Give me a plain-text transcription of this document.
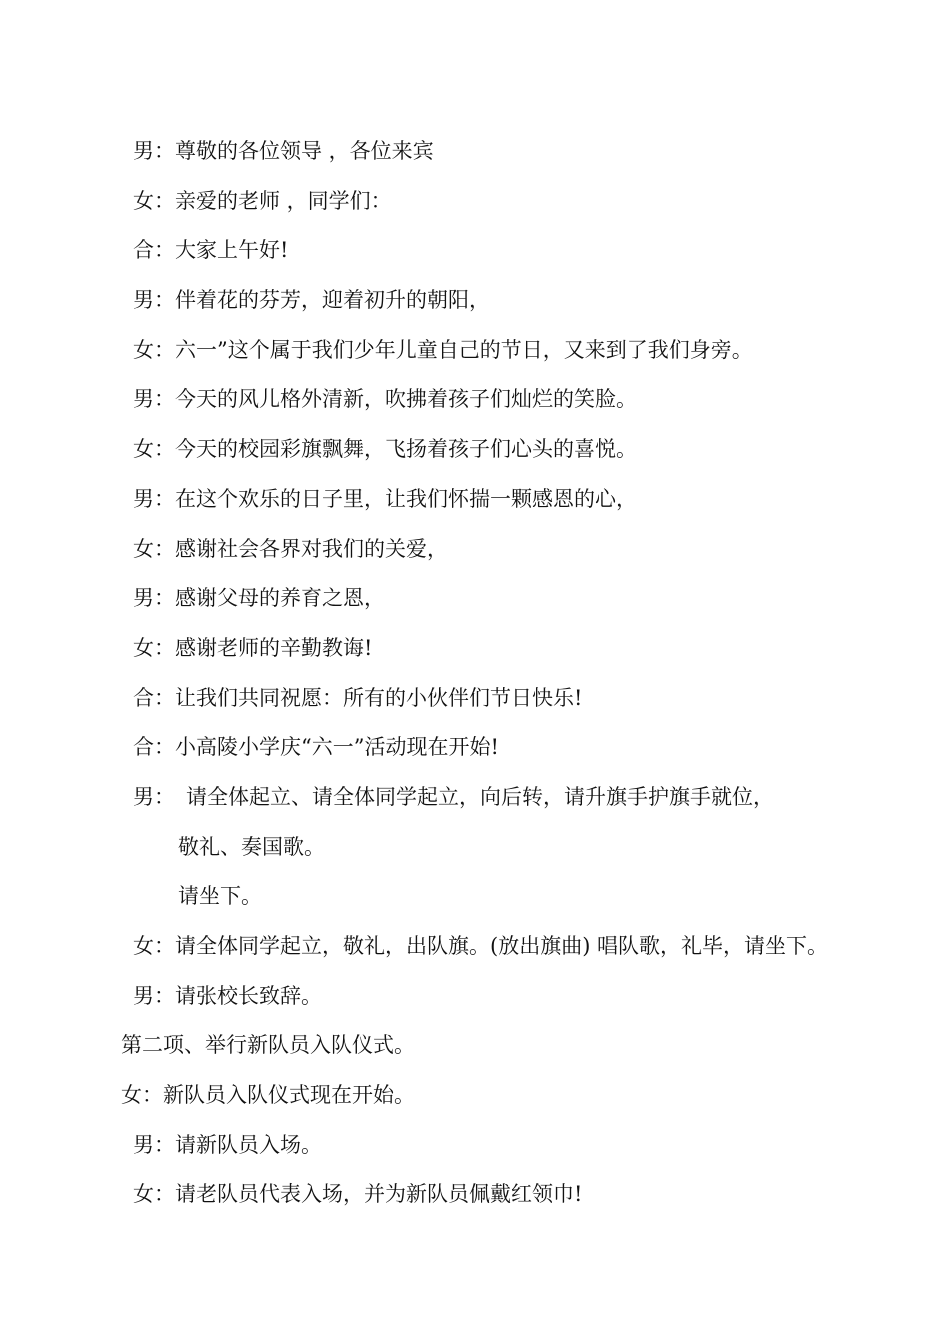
男：尊敬的各位领导 ，各位来宾
女：亲爱的老师 ，同学们：
合：大家上午好!
男：伴着花的芬芳，迎着初升的朝阳，
女：六一”这个属于我们少年儿童自己的节日，又来到了我们身旁。
男：今天的风儿格外清新，吹拂着孩子们灿烂的笑脸。
女：今天的校园彩旗飘舞，飞扬着孩子们心头的喜悦。
男：在这个欢乐的日子里，让我们怀揣一颗感恩的心，
女：感谢社会各界对我们的关爱，
男：感谢父母的养育之恩，
女：感谢老师的辛勤教诲!
合：让我们共同祝愿：所有的小伙伴们节日快乐!
合：小高陵小学庆“六一”活动现在开始!
男： 请全体起立、请全体同学起立，向后转，请升旗手护旗手就位，
敬礼、奏国歌。
请坐下。
女：请全体同学起立，敬礼，出队旗。(放出旗曲) 唱队歌，礼毕，请坐下。
男：请张校长致辞。
第二项、举行新队员入队仪式。
女：新队员入队仪式现在开始。
男：请新队员入场。
女：请老队员代表入场，并为新队员佩戴红领巾!
